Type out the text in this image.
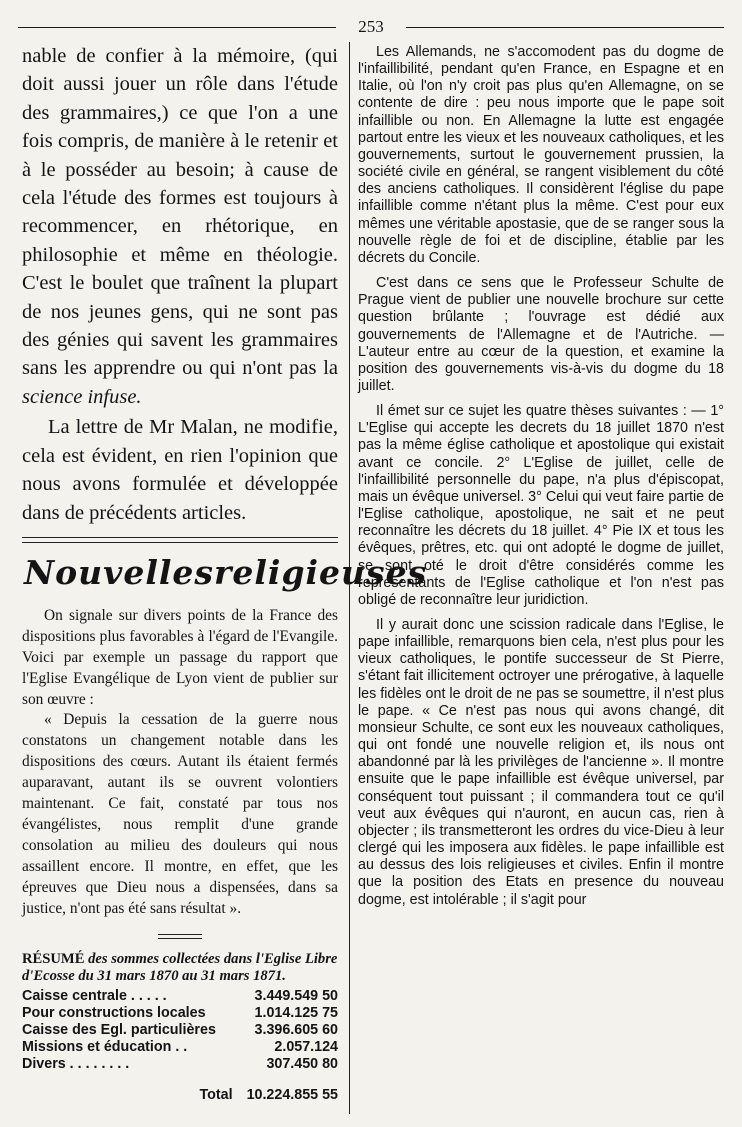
253

nable de confier à la mémoire, (qui doit aussi jouer un rôle dans l'étude des grammaires,) ce que l'on a une fois compris, de manière à le retenir et à le posséder au besoin; à cause de cela l'étude des formes est toujours à recommencer, en rhétorique, en philosophie et même en théologie. C'est le boulet que traînent la plupart de nos jeunes gens, qui ne sont pas des génies qui savent les grammaires sans les apprendre ou qui n'ont pas la science infuse.

La lettre de Mr Malan, ne modifie, cela est évident, en rien l'opinion que nous avons formulée et développée dans de précédents articles.

Nouvelles religieuses

On signale sur divers points de la France des dispositions plus favorables à l'égard de l'Evangile. Voici par exemple un passage du rapport que l'Eglise Evangélique de Lyon vient de publier sur son œuvre :

« Depuis la cessation de la guerre nous constatons un changement notable dans les dispositions des cœurs. Autant ils étaient fermés auparavant, autant ils se ouvrent volontiers maintenant. Ce fait, constaté par tous nos évangélistes, nous remplit d'une grande consolation au milieu des douleurs qui nous assaillent encore. Il montre, en effet, que les épreuves que Dieu nous a dispensées, dans sa justice, n'ont pas été sans résultat ».

RÉSUMÉ des sommes collectées dans l'Eglise Libre d'Ecosse du 31 mars 1870 au 31 mars 1871.

Caisse centrale . . . . .	3.449.549 50
Pour constructions locales	1.014.125 75
Caisse des Egl. particulières	3.396.605 60
Missions et éducation . .	2.057.124
Divers . . . . . . . .	307.450 80
Total 10.224.855 55

Les Allemands, ne s'accomodent pas du dogme de l'infaillibilité, pendant qu'en France, en Espagne et en Italie, où l'on n'y croit pas plus qu'en Allemagne, on se contente de dire : peu nous importe que le pape soit infaillible ou non. En Allemagne la lutte est engagée partout entre les vieux et les nouveaux catholiques, et les gouvernements, surtout le gouvernement prussien, la société civile en général, se rangent visiblement du côté des anciens catholiques. Il considèrent l'église du pape infaillible comme n'étant plus la même. C'est pour eux mêmes une véritable apostasie, que de se ranger sous la nouvelle règle de foi et de discipline, établie par les décrets du Concile.

C'est dans ce sens que le Professeur Schulte de Prague vient de publier une nouvelle brochure sur cette question brûlante ; l'ouvrage est dédié aux gouvernements de l'Allemagne et de l'Autriche. — L'auteur entre au cœur de la question, et examine la position des gouvernements vis-à-vis du dogme du 18 juillet.

Il émet sur ce sujet les quatre thèses suivantes : — 1° L'Eglise qui accepte les decrets du 18 juillet 1870 n'est pas la même église catholique et apostolique qui existait avant ce concile. 2° L'Eglise de juillet, celle de l'infaillibilité personnelle du pape, n'a plus d'épiscopat, mais un évêque universel. 3° Celui qui veut faire partie de l'Eglise catholique, apostolique, ne sait et ne peut reconnaître les décrets du 18 juillet. 4° Pie IX et tous les évêques, prêtres, etc. qui ont adopté le dogme de juillet, se sont oté le droit d'être considérés comme les représentants de l'Eglise catholique et l'on n'est pas obligé de reconnaître leur juridiction.

Il y aurait donc une scission radicale dans l'Eglise, le pape infaillible, remarquons bien cela, n'est plus pour les vieux catholiques, le pontife successeur de St Pierre, s'étant fait illicitement octroyer une prérogative, à laquelle les fidèles ont le droit de ne pas se soumettre, il n'est plus le pape. « Ce n'est pas nous qui avons changé, dit monsieur Schulte, ce sont eux les nouveaux catholiques, qui ont fondé une nouvelle religion et, ils nous ont abandonné par là les privilèges de l'ancienne ». Il montre ensuite que le pape infaillible est évêque universel, par conséquent tout puissant ; il commandera tout ce qu'il veut aux évêques qui n'auront, en aucun cas, rien à objecter ; ils transmetteront les ordres du vice-Dieu à leur clergé qui les imposera aux fidèles. le pape infaillible est au dessus des lois religieuses et civiles. Enfin il montre que la position des Etats en presence du nouveau dogme, est intolérable ; il s'agit pour
